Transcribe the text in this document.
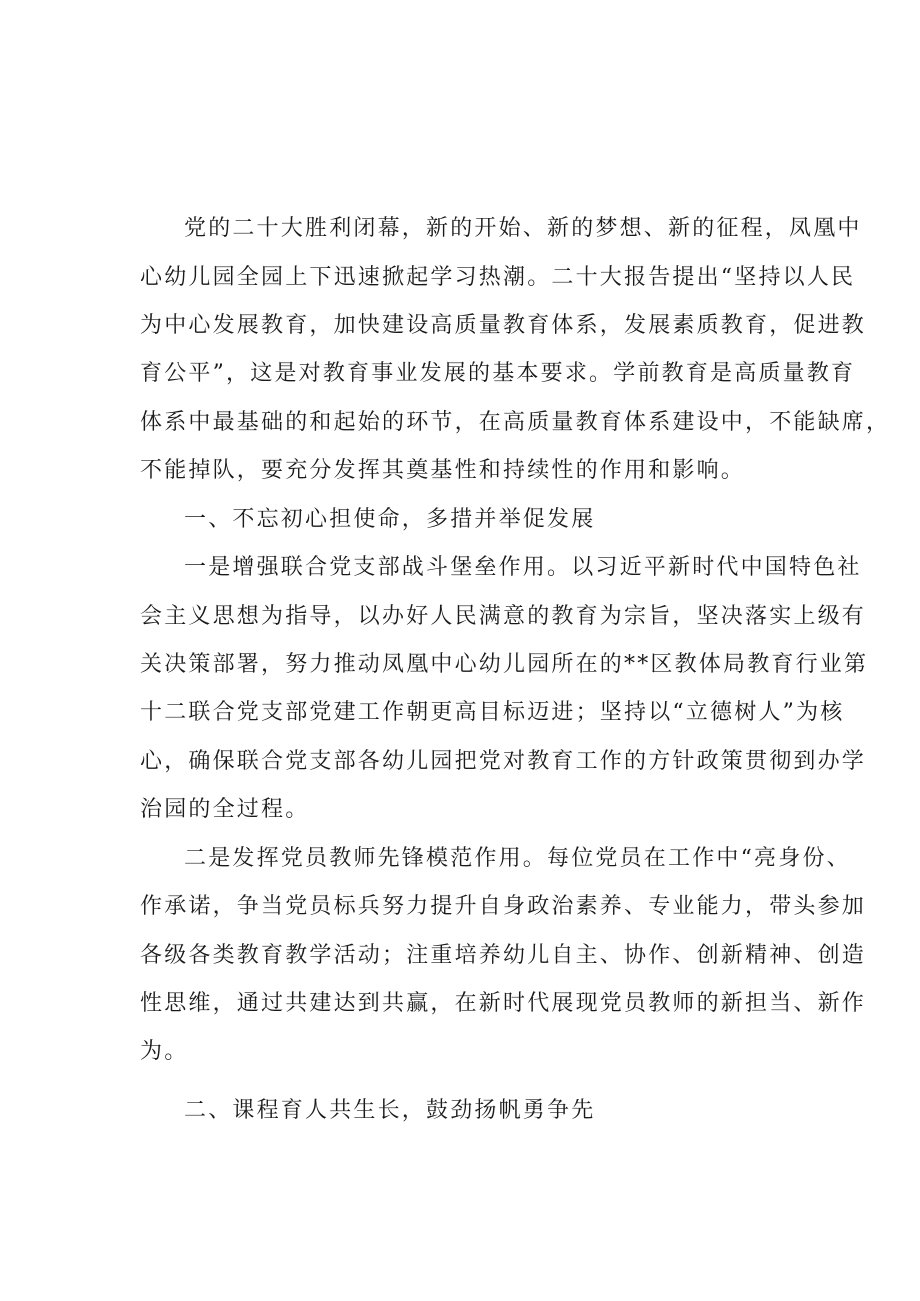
党的二十大胜利闭幕，新的开始、新的梦想、新的征程，凤凰中
心幼儿园全园上下迅速掀起学习热潮。二十大报告提出“坚持以人民
为中心发展教育，加快建设高质量教育体系，发展素质教育，促进教
育公平”，这是对教育事业发展的基本要求。学前教育是高质量教育
体系中最基础的和起始的环节，在高质量教育体系建设中，不能缺席，
不能掉队，要充分发挥其奠基性和持续性的作用和影响。
一、不忘初心担使命，多措并举促发展
一是增强联合党支部战斗堡垒作用。以习近平新时代中国特色社
会主义思想为指导，以办好人民满意的教育为宗旨，坚决落实上级有
关决策部署，努力推动凤凰中心幼儿园所在的**区教体局教育行业第
十二联合党支部党建工作朝更高目标迈进；坚持以“立德树人”为核
心，确保联合党支部各幼儿园把党对教育工作的方针政策贯彻到办学
治园的全过程。
二是发挥党员教师先锋模范作用。每位党员在工作中“亮身份、
作承诺，争当党员标兵努力提升自身政治素养、专业能力，带头参加
各级各类教育教学活动；注重培养幼儿自主、协作、创新精神、创造
性思维，通过共建达到共赢，在新时代展现党员教师的新担当、新作
为。
二、课程育人共生长，鼓劲扬帆勇争先
